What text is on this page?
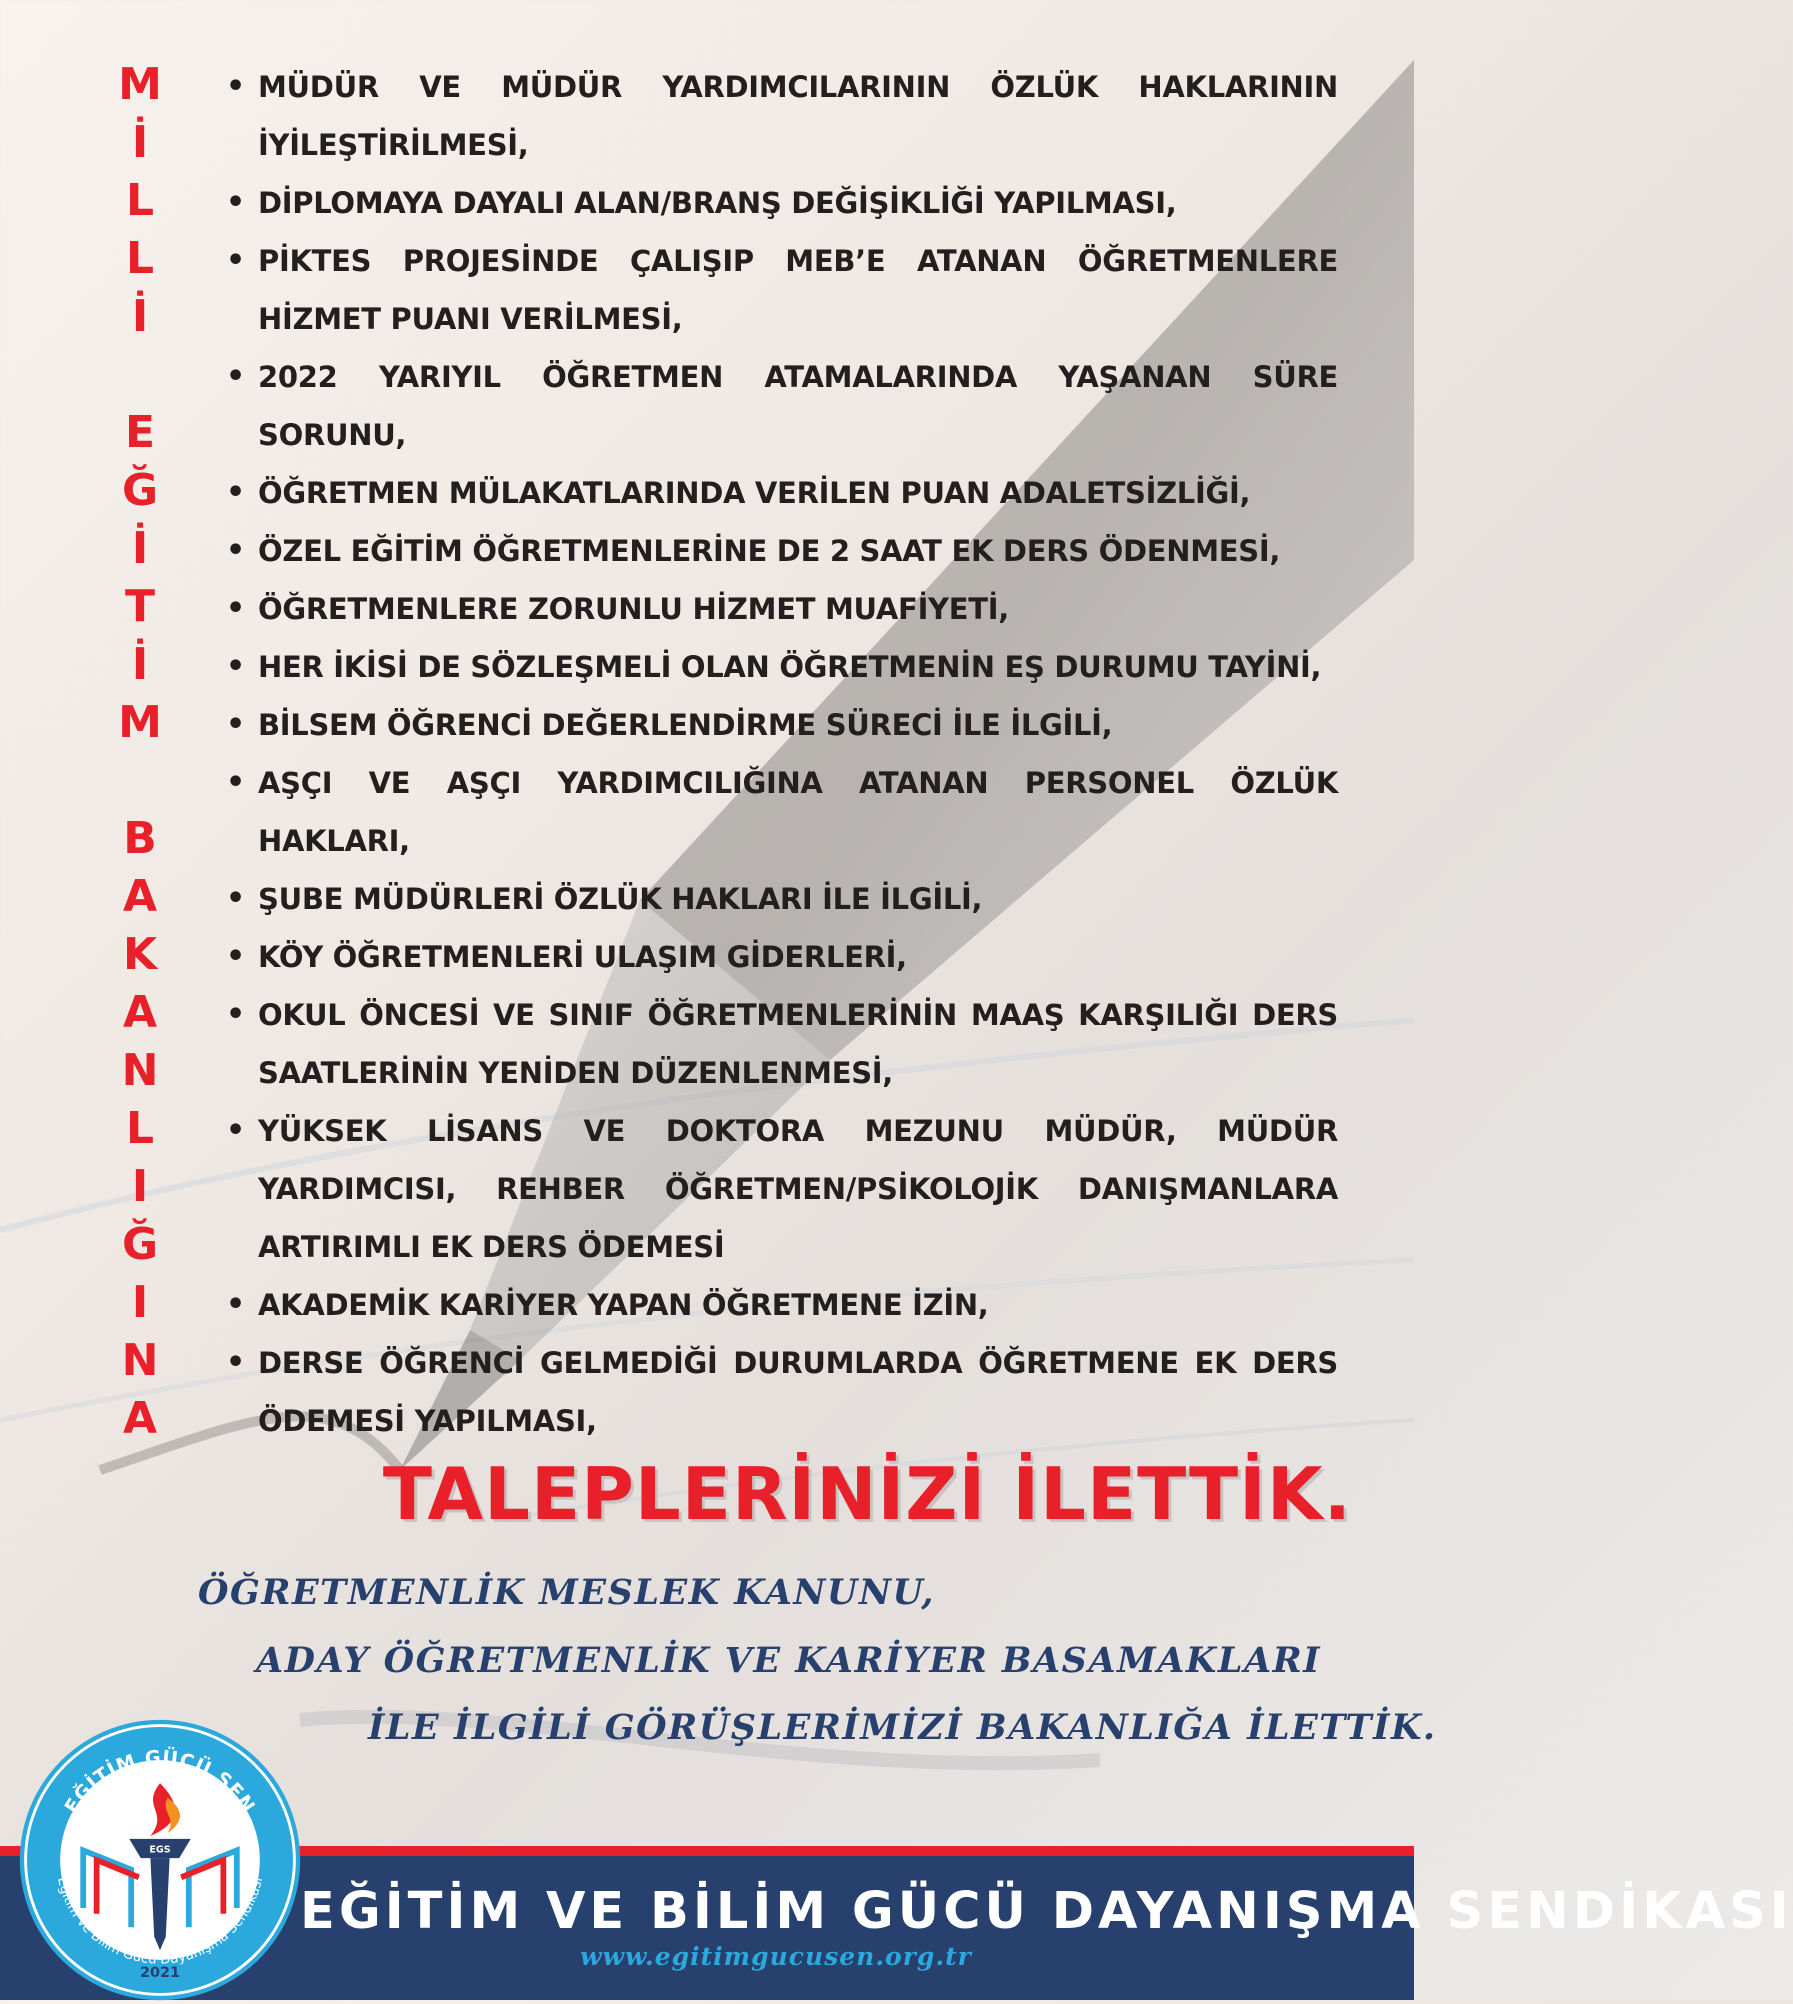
M
İ
L
L
İ
E
Ğ
İ
T
İ
M
B
A
K
A
N
L
I
Ğ
I
N
A
• MÜDÜR VE MÜDÜR YARDIMCILARININ ÖZLÜK HAKLARININ İYİLEŞTİRİLMESİ,
• DİPLOMAYA DAYALI ALAN/BRANŞ DEĞİŞİKLİĞİ YAPILMASI,
• PİKTES PROJESİNDE ÇALIŞIP MEB’E ATANAN ÖĞRETMENLERE HİZMET PUANI VERİLMESİ,
• 2022 YARIYIL ÖĞRETMEN ATAMALARINDA YAŞANAN SÜRE SORUNU,
• ÖĞRETMEN MÜLAKATLARINDA VERİLEN PUAN ADALETSİZLİĞİ,
• ÖZEL EĞİTİM ÖĞRETMENLERİNE DE 2 SAAT EK DERS ÖDENMESİ,
• ÖĞRETMENLERE ZORUNLU HİZMET MUAFİYETİ,
• HER İKİSİ DE SÖZLEŞMELİ OLAN ÖĞRETMENİN EŞ DURUMU TAYİNİ,
• BİLSEM ÖĞRENCİ DEĞERLENDİRME SÜRECİ İLE İLGİLİ,
• AŞÇI VE AŞÇI YARDIMCILIĞINA ATANAN PERSONEL ÖZLÜK HAKLARI,
• ŞUBE MÜDÜRLERİ ÖZLÜK HAKLARI İLE İLGİLİ,
• KÖY ÖĞRETMENLERİ ULAŞIM GİDERLERİ,
• OKUL ÖNCESİ VE SINIF ÖĞRETMENLERİNİN MAAŞ KARŞILIĞI DERS SAATLERİNİN YENİDEN DÜZENLENMESİ,
• YÜKSEK LİSANS VE DOKTORA MEZUNU MÜDÜR, MÜDÜR YARDIMCISI, REHBER ÖĞRETMEN/PSİKOLOJİK DANIŞMANLARA ARTIRIMLI EK DERS ÖDEMESİ
• AKADEMİK KARİYER YAPAN ÖĞRETMENE İZİN,
• DERSE ÖĞRENCİ GELMEDİĞİ DURUMLARDA ÖĞRETMENE EK DERS ÖDEMESİ YAPILMASI,
TALEPLERİNİZİ İLETTİK.
ÖĞRETMENLİK MESLEK KANUNU,
ADAY ÖĞRETMENLİK VE KARİYER BASAMAKLARI
İLE İLGİLİ GÖRÜŞLERİMİZİ BAKANLIĞA İLETTİK.
EĞİTİM VE BİLİM GÜCÜ DAYANIŞMA SENDİKASI
www.egitimgucusen.org.tr
EĞİTİM GÜCÜ SEN
Eğitim Ve Bilim Gücü Dayanışma Sendikası
EGS
2021
